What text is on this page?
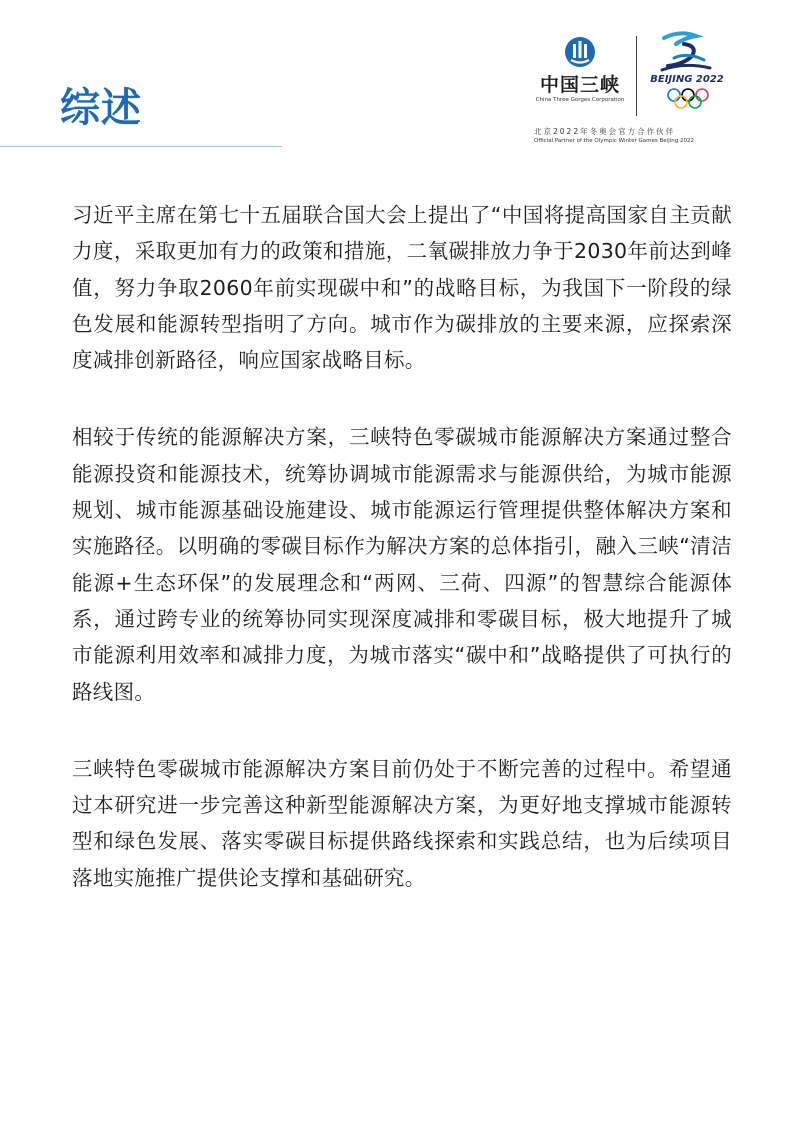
综述	中国三峡
China Three Gorges Corporation
BEIJING 2022
北京2022年冬奥会官方合作伙伴
Official Partner of the Olympic Winter Games Beijing 2022

习近平主席在第七十五届联合国大会上提出了“中国将提高国家自主贡献力度，采取更加有力的政策和措施，二氧碳排放力争于2030年前达到峰值，努力争取2060年前实现碳中和”的战略目标，为我国下一阶段的绿色发展和能源转型指明了方向。城市作为碳排放的主要来源，应探索深度减排创新路径，响应国家战略目标。

相较于传统的能源解决方案，三峡特色零碳城市能源解决方案通过整合能源投资和能源技术，统筹协调城市能源需求与能源供给，为城市能源规划、城市能源基础设施建设、城市能源运行管理提供整体解决方案和实施路径。以明确的零碳目标作为解决方案的总体指引，融入三峡“清洁能源+生态环保”的发展理念和“两网、三荷、四源”的智慧综合能源体系，通过跨专业的统筹协同实现深度减排和零碳目标，极大地提升了城市能源利用效率和减排力度，为城市落实“碳中和”战略提供了可执行的路线图。

三峡特色零碳城市能源解决方案目前仍处于不断完善的过程中。希望通过本研究进一步完善这种新型能源解决方案，为更好地支撑城市能源转型和绿色发展、落实零碳目标提供路线探索和实践总结，也为后续项目落地实施推广提供论支撑和基础研究。
